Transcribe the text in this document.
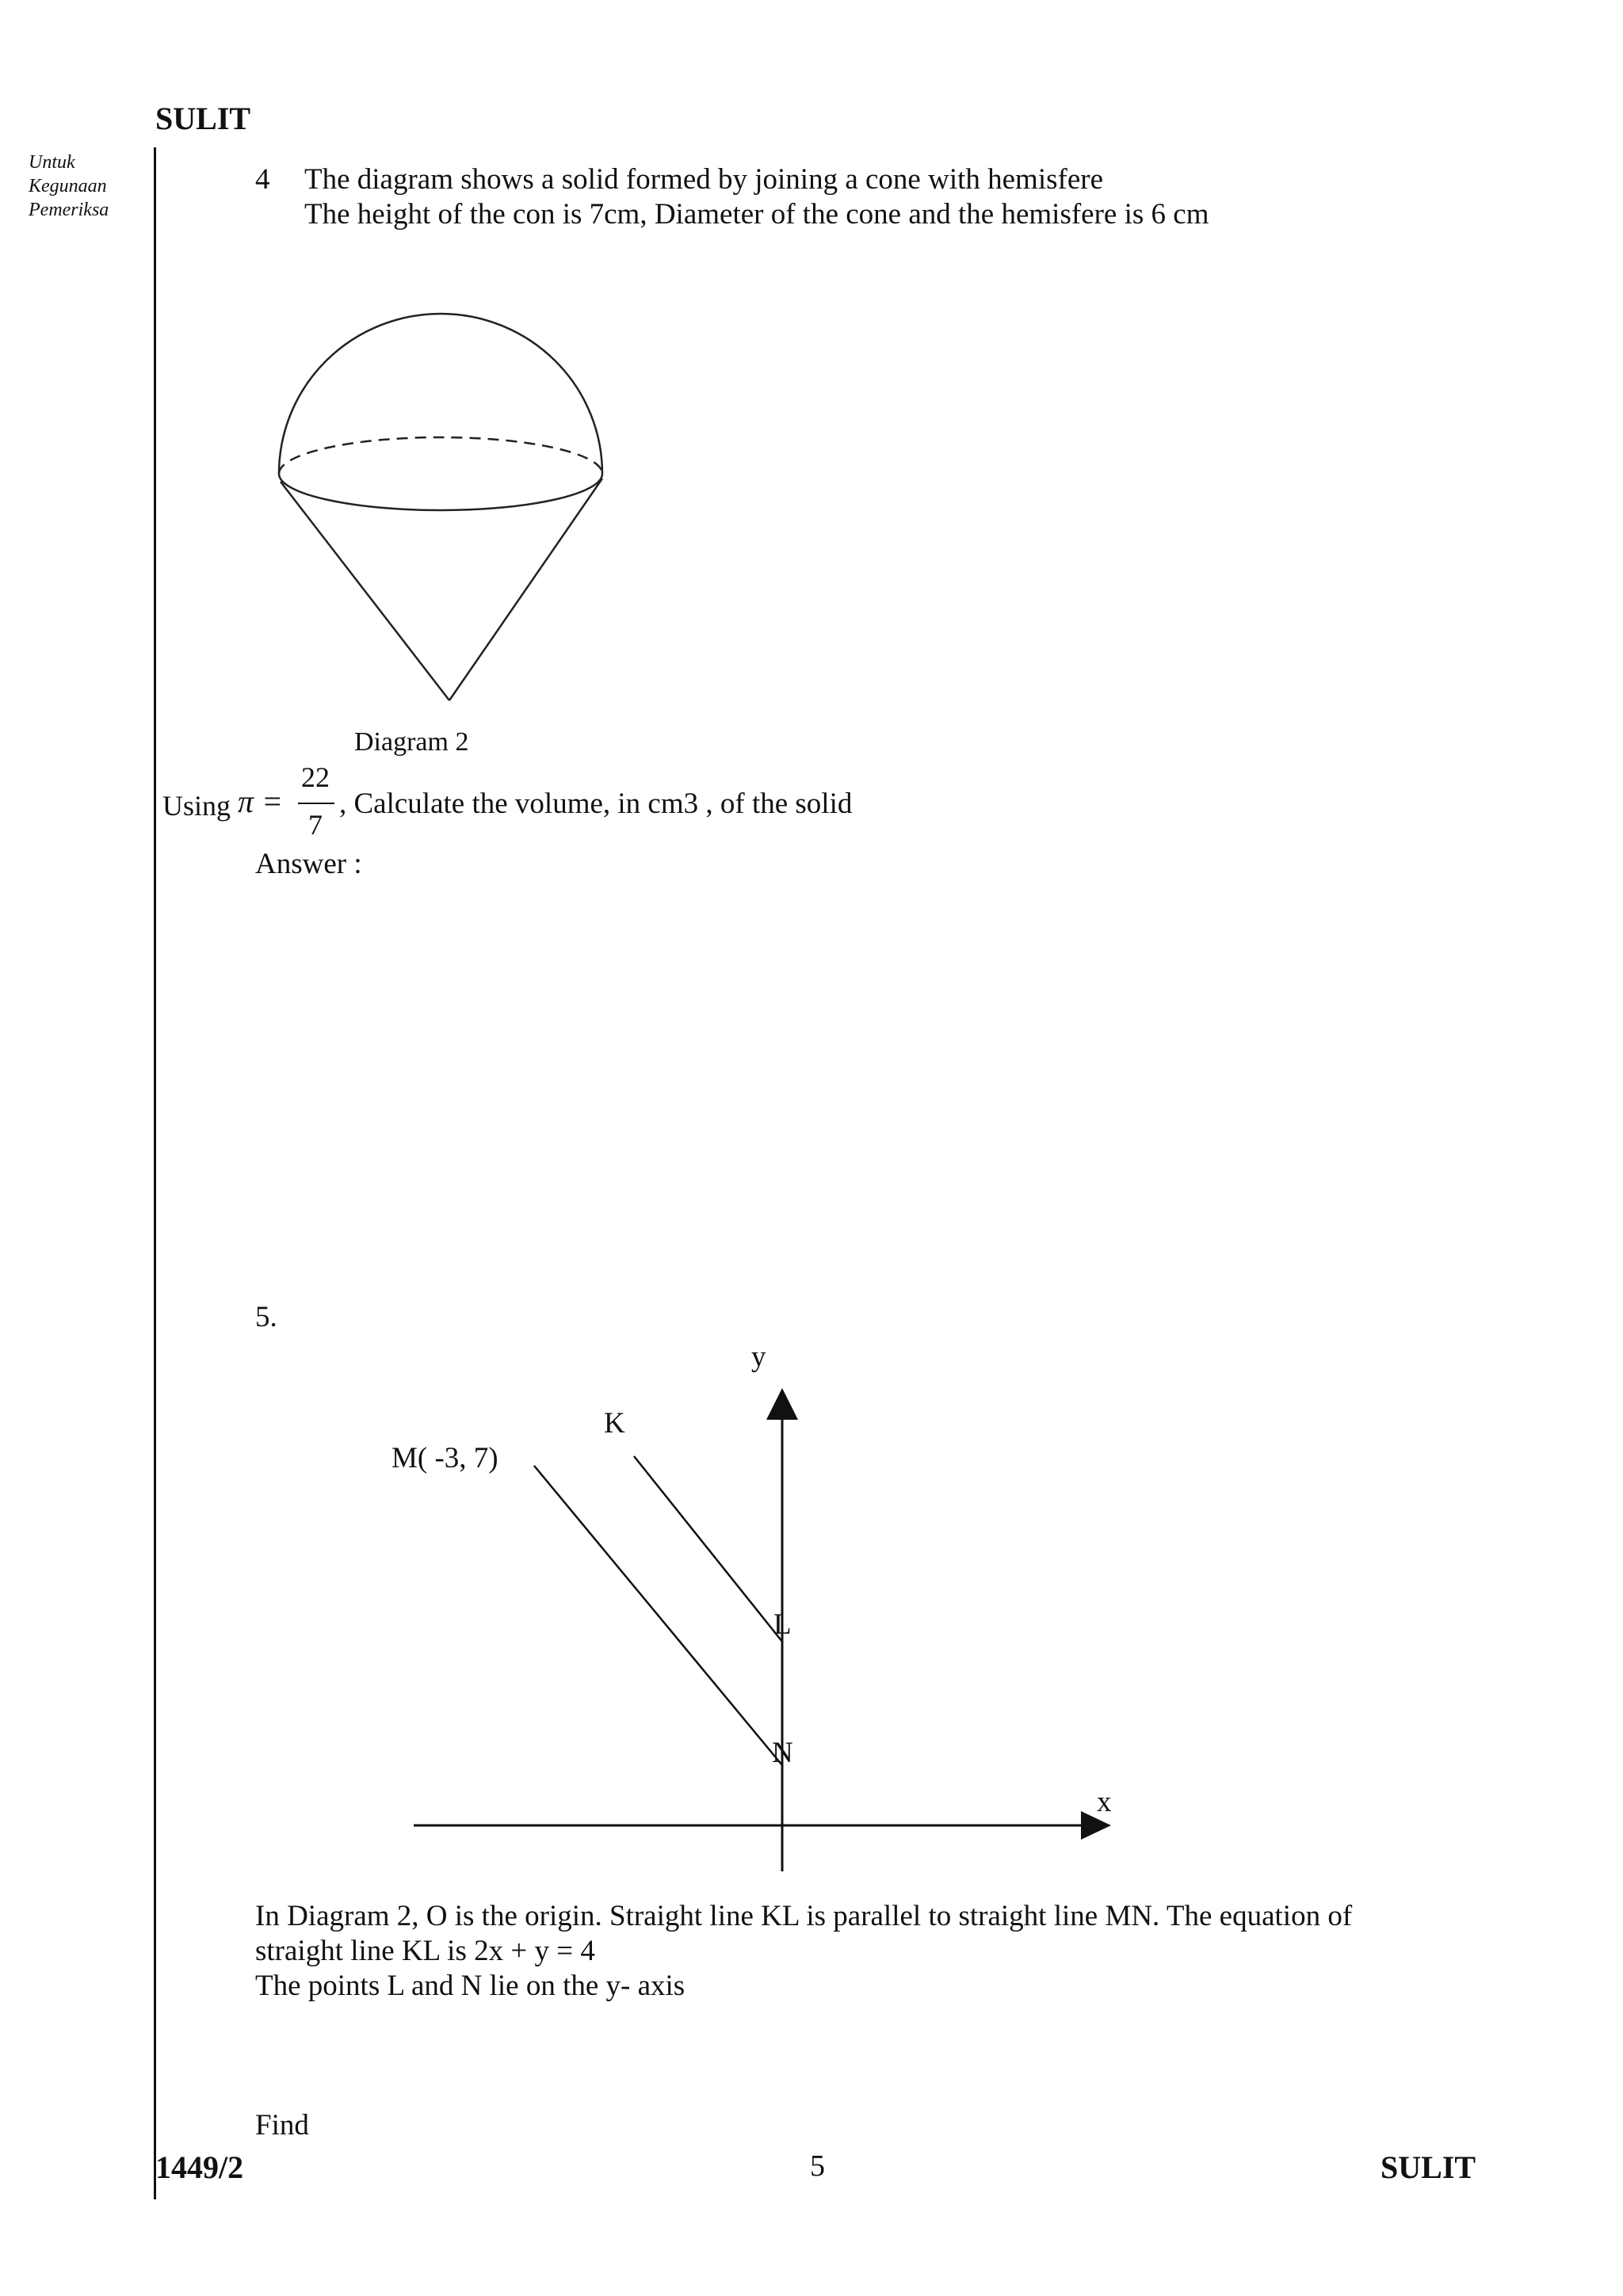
SULIT
Untuk
Kegunaan
Pemeriksa
4 The diagram shows a solid formed by joining a cone with hemisfere
The height of the con is 7cm, Diameter of the cone and the hemisfere is 6 cm
Diagram 2
Using π =
22
7
, Calculate the volume, in cm3 , of the solid
Answer :
5.
y
x
K
M( -3, 7)
L
N
In Diagram 2, O is the origin. Straight line KL is parallel to straight line MN. The equation of
straight line KL is 2x + y = 4
The points L and N lie on the y- axis
Find
1449/2	5	SULIT
